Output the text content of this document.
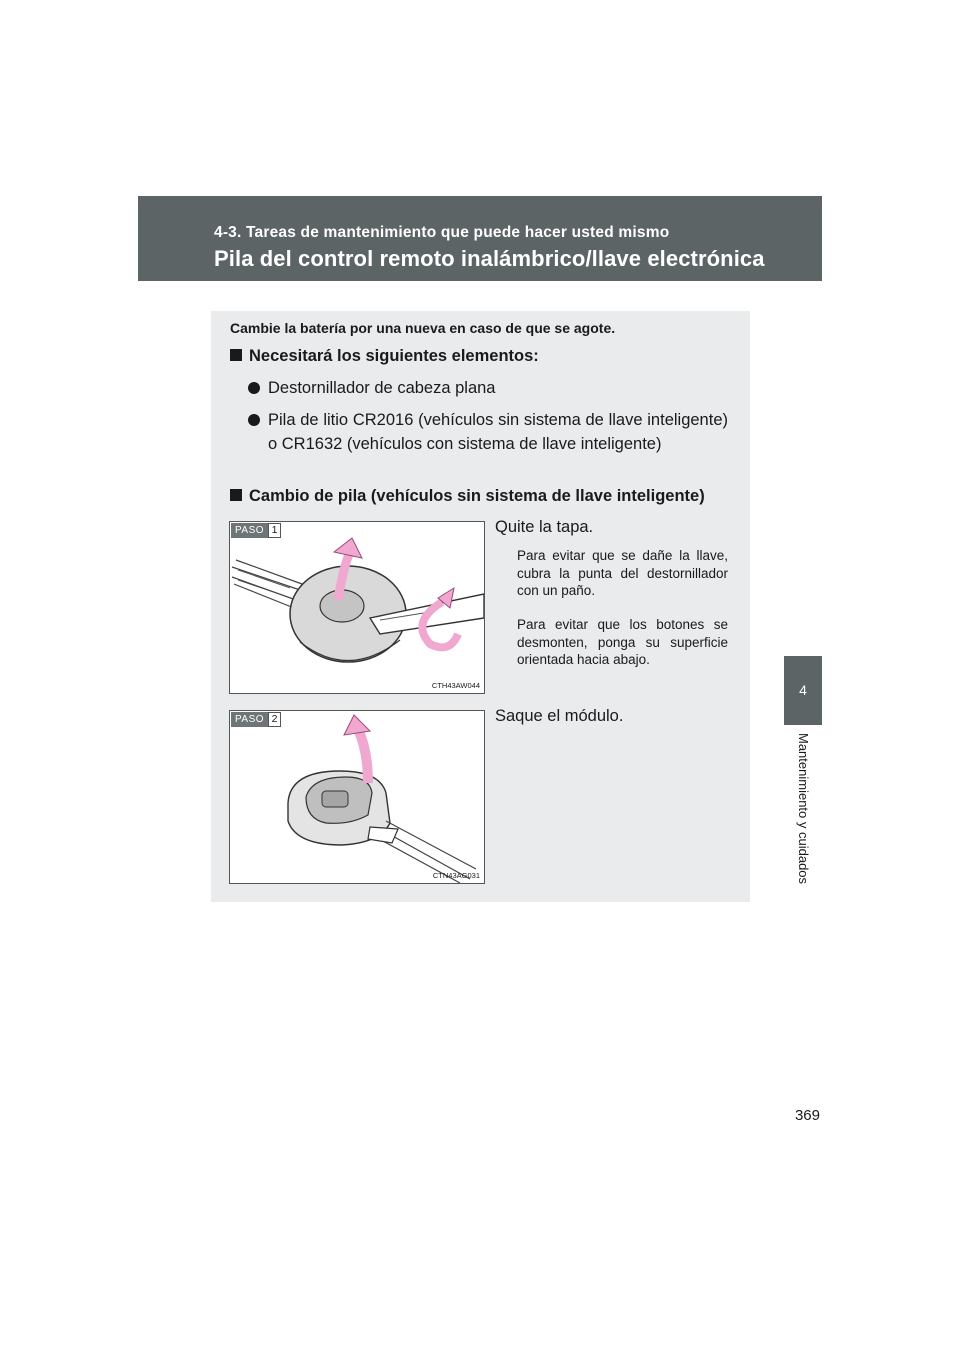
4-3. Tareas de mantenimiento que puede hacer usted mismo
Pila del control remoto inalámbrico/llave electrónica
4
Mantenimiento y cuidados
369
Cambie la batería por una nueva en caso de que se agote.
Necesitará los siguientes elementos:
Destornillador de cabeza plana
Pila de litio CR2016 (vehículos sin sistema de llave inteligente) o CR1632 (vehículos con sistema de llave inteligente)
Cambio de pila (vehículos sin sistema de llave inteligente)
PASO 1
CTH43AW044
Quite la tapa.
Para evitar que se dañe la llave, cubra la punta del destornillador con un paño.
Para evitar que los botones se desmonten, ponga su superficie orientada hacia abajo.
PASO 2
CTN43AG031
Saque el módulo.
